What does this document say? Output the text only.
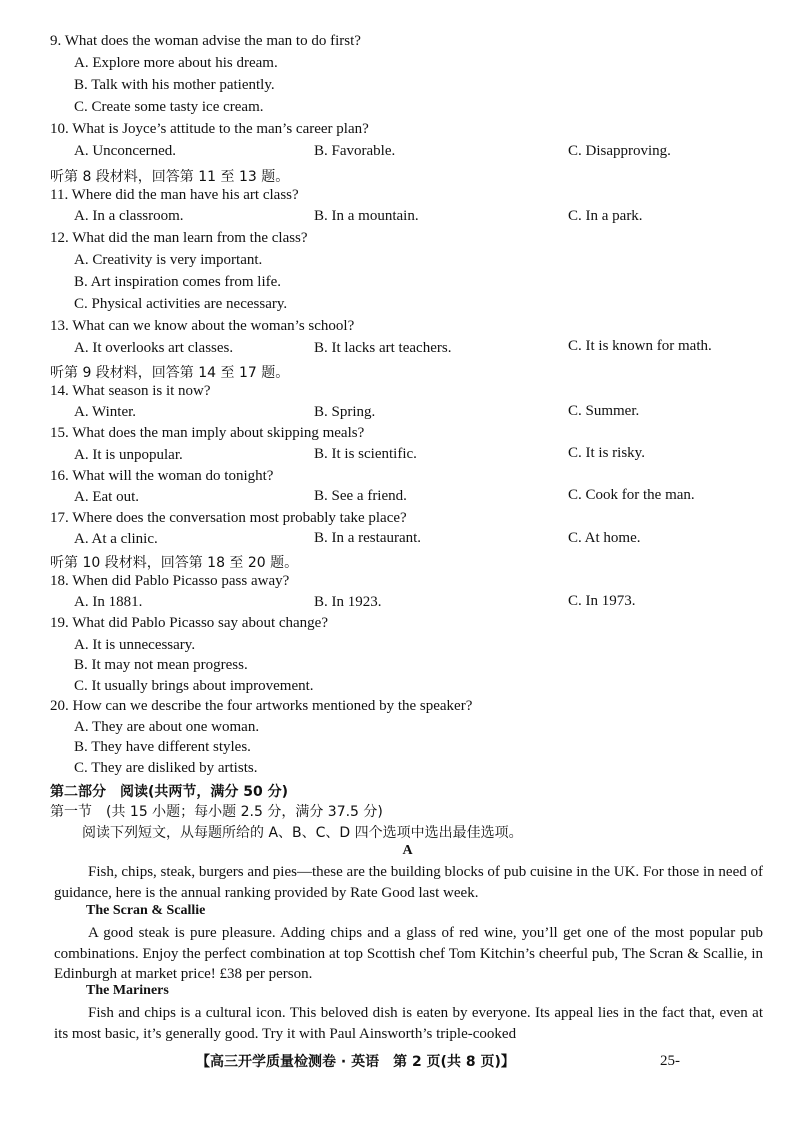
9. What does the woman advise the man to do first?
A. Explore more about his dream.
B. Talk with his mother patiently.
C. Create some tasty ice cream.
10. What is Joyce’s attitude to the man’s career plan?
A. Unconcerned.	B. Favorable.	C. Disapproving.
听第 8 段材料，回答第 11 至 13 题。
11. Where did the man have his art class?
A. In a classroom.	B. In a mountain.	C. In a park.
12. What did the man learn from the class?
A. Creativity is very important.
B. Art inspiration comes from life.
C. Physical activities are necessary.
13. What can we know about the woman’s school?
A. It overlooks art classes.	B. It lacks art teachers.	C. It is known for math.
听第 9 段材料，回答第 14 至 17 题。
14. What season is it now?
A. Winter.	B. Spring.	C. Summer.
15. What does the man imply about skipping meals?
A. It is unpopular.	B. It is scientific.	C. It is risky.
16. What will the woman do tonight?
A. Eat out.	B. See a friend.	C. Cook for the man.
17. Where does the conversation most probably take place?
A. At a clinic.	B. In a restaurant.	C. At home.
听第 10 段材料，回答第 18 至 20 题。
18. When did Pablo Picasso pass away?
A. In 1881.	B. In 1923.	C. In 1973.
19. What did Pablo Picasso say about change?
A. It is unnecessary.
B. It may not mean progress.
C. It usually brings about improvement.
20. How can we describe the four artworks mentioned by the speaker?
A. They are about one woman.
B. They have different styles.
C. They are disliked by artists.
第二部分　阅读(共两节，满分 50 分)
第一节　(共 15 小题；每小题 2.5 分，满分 37.5 分)
阅读下列短文，从每题所给的 A、B、C、D 四个选项中选出最佳选项。
A
Fish, chips, steak, burgers and pies—these are the building blocks of pub cuisine in the UK. For those in need of guidance, here is the annual ranking provided by Rate Good last week.
The Scran & Scallie
A good steak is pure pleasure. Adding chips and a glass of red wine, you’ll get one of the most popular pub combinations. Enjoy the perfect combination at top Scottish chef Tom Kitchin’s cheerful pub, The Scran & Scallie, in Edinburgh at market price! £38 per person.
The Mariners
Fish and chips is a cultural icon. This beloved dish is eaten by everyone. Its appeal lies in the fact that, even at its most basic, it’s generally good. Try it with Paul Ainsworth’s triple-cooked
【高三开学质量检测卷 · 英语　第 2 页(共 8 页)】	25-
